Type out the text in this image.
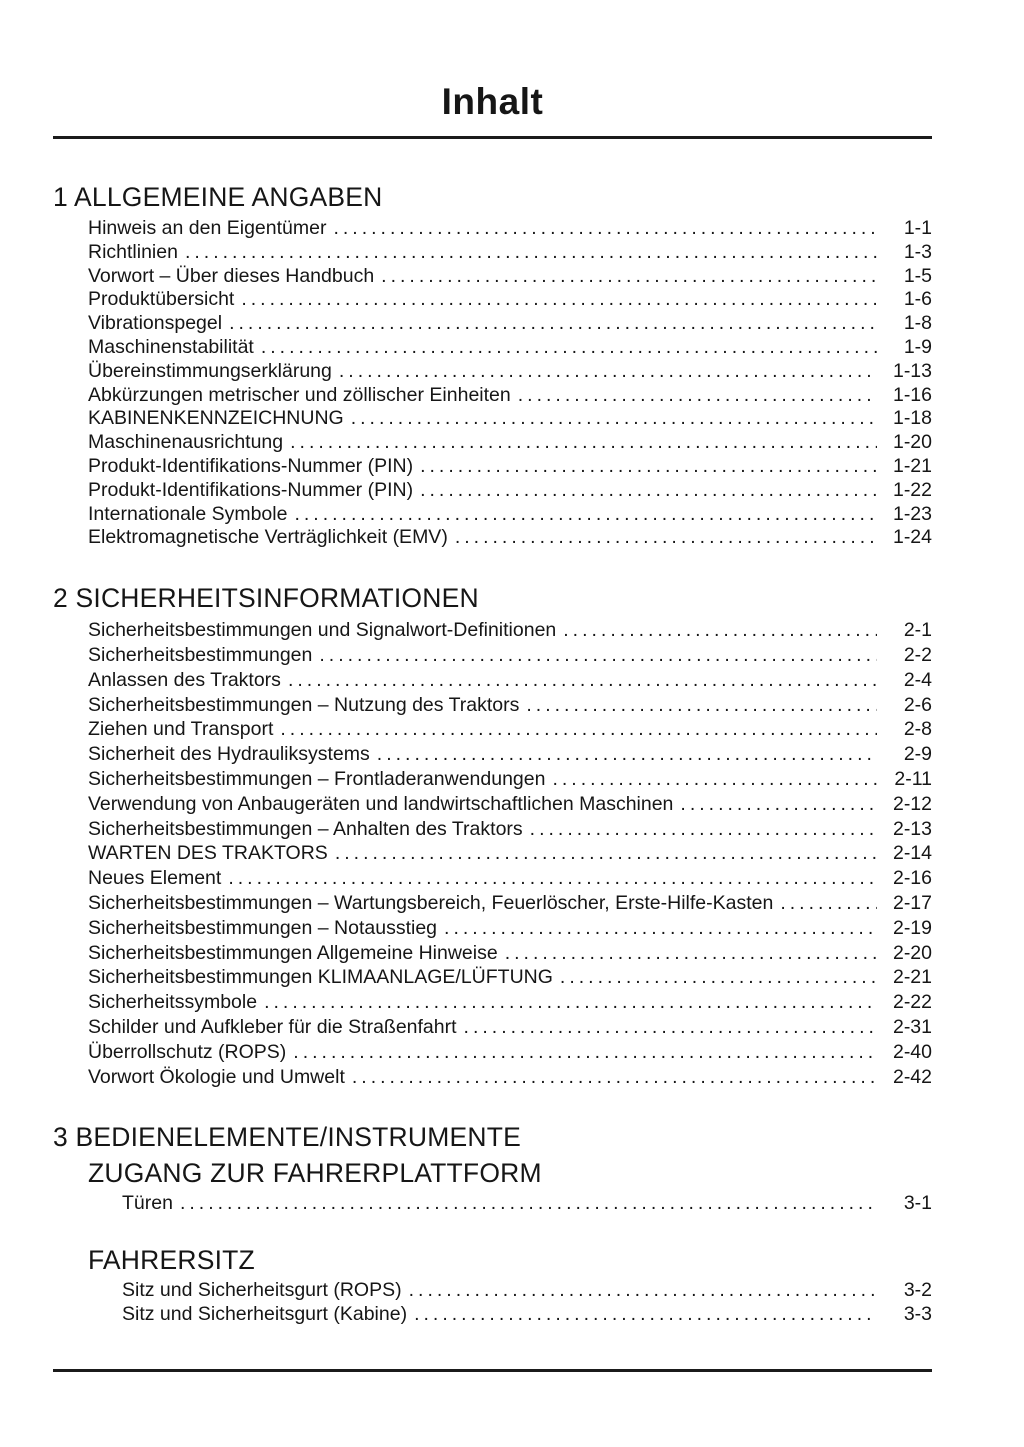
Inhalt
1 ALLGEMEINE ANGABEN
Hinweis an den Eigentümer .....	1-1
Richtlinien .....	1-3
Vorwort – Über dieses Handbuch .....	1-5
Produktübersicht .....	1-6
Vibrationspegel .....	1-8
Maschinenstabilität .....	1-9
Übereinstimmungserklärung .....	1-13
Abkürzungen metrischer und zöllischer Einheiten .....	1-16
KABINENKENNZEICHNUNG .....	1-18
Maschinenausrichtung .....	1-20
Produkt-Identifikations-Nummer (PIN) .....	1-21
Produkt-Identifikations-Nummer (PIN) .....	1-22
Internationale Symbole .....	1-23
Elektromagnetische Verträglichkeit (EMV) .....	1-24
2 SICHERHEITSINFORMATIONEN
Sicherheitsbestimmungen und Signalwort-Definitionen .....	2-1
Sicherheitsbestimmungen .....	2-2
Anlassen des Traktors .....	2-4
Sicherheitsbestimmungen – Nutzung des Traktors .....	2-6
Ziehen und Transport .....	2-8
Sicherheit des Hydrauliksystems .....	2-9
Sicherheitsbestimmungen – Frontladeranwendungen .....	2-11
Verwendung von Anbaugeräten und landwirtschaftlichen Maschinen .....	2-12
Sicherheitsbestimmungen – Anhalten des Traktors .....	2-13
WARTEN DES TRAKTORS .....	2-14
Neues Element .....	2-16
Sicherheitsbestimmungen – Wartungsbereich, Feuerlöscher, Erste-Hilfe-Kasten .....	2-17
Sicherheitsbestimmungen – Notausstieg .....	2-19
Sicherheitsbestimmungen Allgemeine Hinweise .....	2-20
Sicherheitsbestimmungen KLIMAANLAGE/LÜFTUNG .....	2-21
Sicherheitssymbole .....	2-22
Schilder und Aufkleber für die Straßenfahrt .....	2-31
Überrollschutz (ROPS) .....	2-40
Vorwort Ökologie und Umwelt .....	2-42
3 BEDIENELEMENTE/INSTRUMENTE
ZUGANG ZUR FAHRERPLATTFORM
Türen .....	3-1
FAHRERSITZ
Sitz und Sicherheitsgurt (ROPS) .....	3-2
Sitz und Sicherheitsgurt (Kabine) .....	3-3
